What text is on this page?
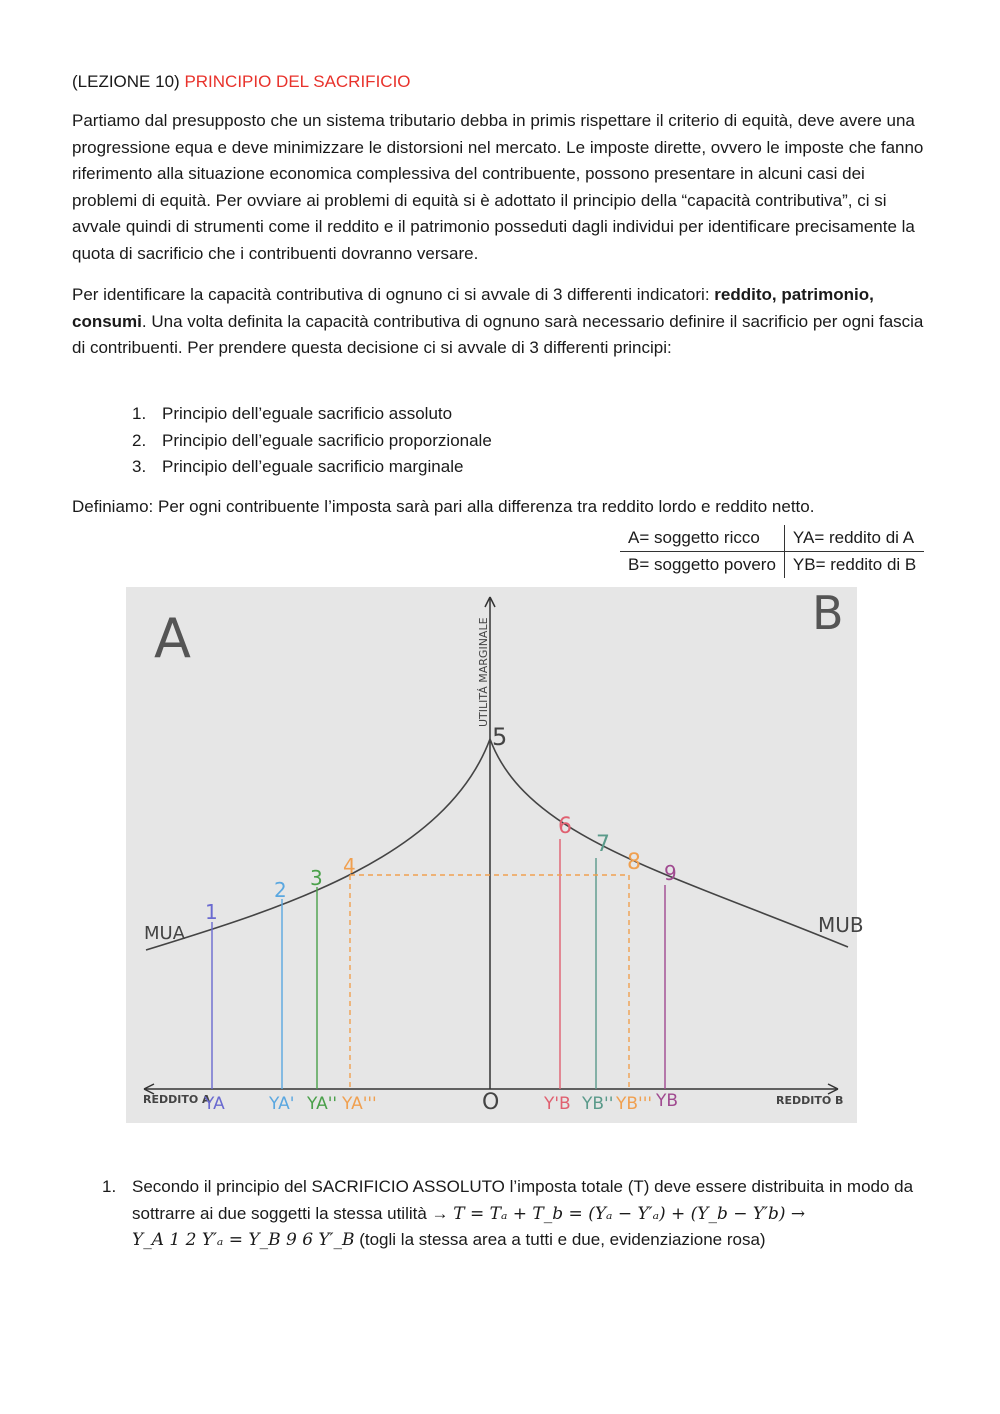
(LEZIONE 10) PRINCIPIO DEL SACRIFICIO

Partiamo dal presupposto che un sistema tributario debba in primis rispettare il criterio di equità, deve avere una progressione equa e deve minimizzare le distorsioni nel mercato. Le imposte dirette, ovvero le imposte che fanno riferimento alla situazione economica complessiva del contribuente, possono presentare in alcuni casi dei problemi di equità. Per ovviare ai problemi di equità si è adottato il principio della “capacità contributiva”, ci si avvale quindi di strumenti come il reddito e il patrimonio posseduti dagli individui per identificare precisamente la quota di sacrificio che i contribuenti dovranno versare.

Per identificare la capacità contributiva di ognuno ci si avvale di 3 differenti indicatori: reddito, patrimonio, consumi. Una volta definita la capacità contributiva di ognuno sarà necessario definire il sacrificio per ogni fascia di contribuenti. Per prendere questa decisione ci si avvale di 3 differenti principi:

1. Principio dell’eguale sacrificio assoluto
2. Principio dell’eguale sacrificio proporzionale
3. Principio dell’eguale sacrificio marginale

Definiamo: Per ogni contribuente l’imposta sarà pari alla differenza tra reddito lordo e reddito netto.

A= soggetto ricco	YA= reddito di A
B= soggetto povero	YB= reddito di B
A	B
UTILITÁ MARGINALE
5
MUA	MUB
1
2 3 4
6
7
8 9
REDDITO A	REDDITO B
O
YA	YA' YA'' YA'''	Y'B YB'' YB''' YB
1. Secondo il principio del SACRIFICIO ASSOLUTO l’imposta totale (T) deve essere distribuita in modo da sottrarre ai due soggetti la stessa utilità → T = Tₐ + T_b = (Yₐ − Y′ₐ) + (Y_b − Y′b) →
Y_A 1 2 Y′ₐ = Y_B 9 6 Y′_B (togli la stessa area a tutti e due, evidenziazione rosa)
